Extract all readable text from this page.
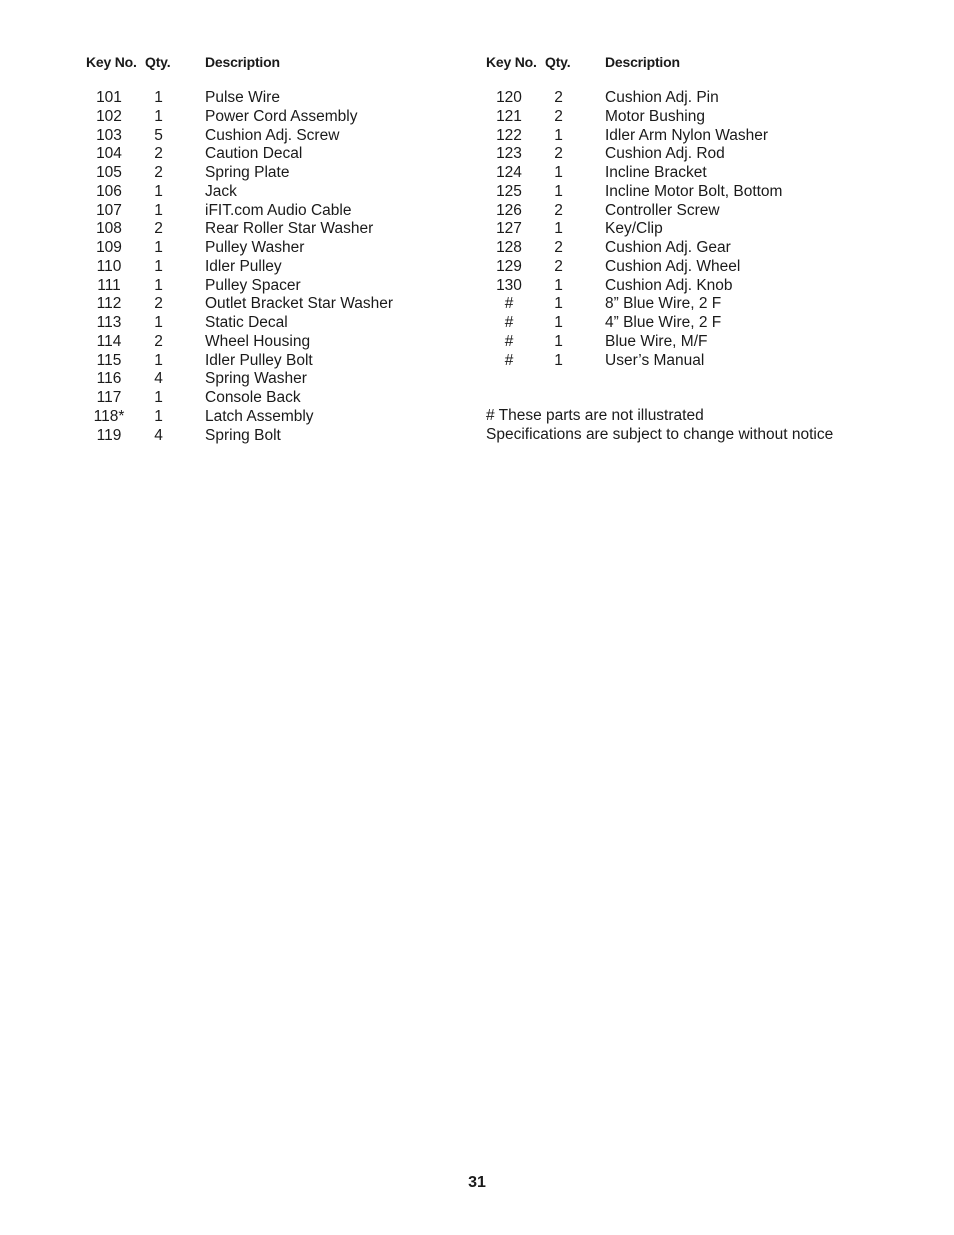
Key No. Qty. Description
101	1	Pulse Wire
102	1	Power Cord Assembly
103	5	Cushion Adj. Screw
104	2	Caution Decal
105	2	Spring Plate
106	1	Jack
107	1	iFIT.com Audio Cable
108	2	Rear Roller Star Washer
109	1	Pulley Washer
110	1	Idler Pulley
111	1	Pulley Spacer
112	2	Outlet Bracket Star Washer
113	1	Static Decal
114	2	Wheel Housing
115	1	Idler Pulley Bolt
116	4	Spring Washer
117	1	Console Back
118*	1	Latch Assembly
119	4	Spring Bolt
Key No. Qty. Description
120	2	Cushion Adj. Pin
121	2	Motor Bushing
122	1	Idler Arm Nylon Washer
123	2	Cushion Adj. Rod
124	1	Incline Bracket
125	1	Incline Motor Bolt, Bottom
126	2	Controller Screw
127	1	Key/Clip
128	2	Cushion Adj. Gear
129	2	Cushion Adj. Wheel
130	1	Cushion Adj. Knob
#	1	8” Blue Wire, 2 F
#	1	4” Blue Wire, 2 F
#	1	Blue Wire, M/F
#	1	User’s Manual
# These parts are not illustrated
Specifications are subject to change without notice
31
